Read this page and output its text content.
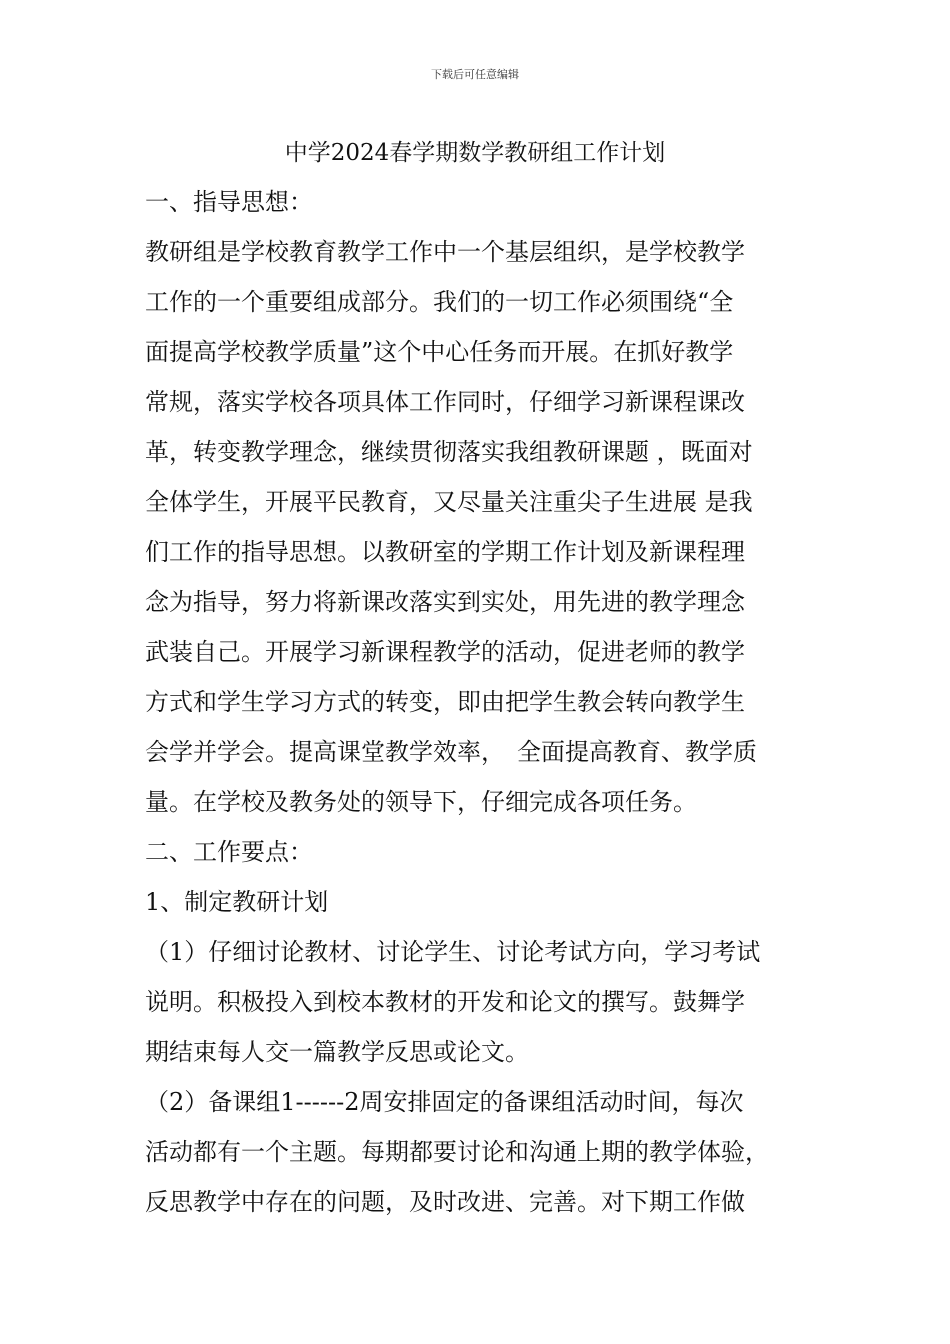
下载后可任意编辑
中学2024春学期数学教研组工作计划
一、指导思想：
教研组是学校教育教学工作中一个基层组织，是学校教学
工作的一个重要组成部分。我们的一切工作必须围绕“全
面提高学校教学质量”这个中心任务而开展。在抓好教学
常规，落实学校各项具体工作同时，仔细学习新课程课改
革，转变教学理念，继续贯彻落实我组教研课题 ，既面对
全体学生，开展平民教育，又尽量关注重尖子生进展 是我
们工作的指导思想。以教研室的学期工作计划及新课程理
念为指导，努力将新课改落实到实处，用先进的教学理念
武装自己。开展学习新课程教学的活动，促进老师的教学
方式和学生学习方式的转变，即由把学生教会转向教学生
会学并学会。提高课堂教学效率，　全面提高教育、教学质
量。在学校及教务处的领导下，仔细完成各项任务。
二、工作要点：
1、制定教研计划
（1）仔细讨论教材、讨论学生、讨论考试方向，学习考试
说明。积极投入到校本教材的开发和论文的撰写。鼓舞学
期结束每人交一篇教学反思或论文。
（2）备课组1------2周安排固定的备课组活动时间，每次
活动都有一个主题。每期都要讨论和沟通上期的教学体验，
反思教学中存在的问题，及时改进、完善。对下期工作做
